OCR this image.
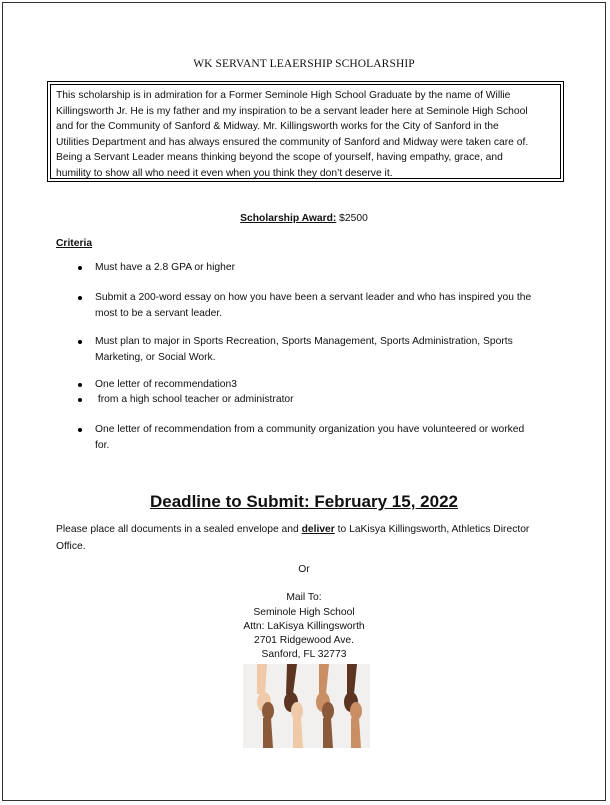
WK SERVANT LEAERSHIP SCHOLARSHIP
This scholarship is in admiration for a Former Seminole High School Graduate by the name of Willie
Killingsworth Jr. He is my father and my inspiration to be a servant leader here at Seminole High School
and for the Community of Sanford & Midway. Mr. Killingsworth works for the City of Sanford in the
Utilities Department and has always ensured the community of Sanford and Midway were taken care of.
Being a Servant Leader means thinking beyond the scope of yourself, having empathy, grace, and
humility to show all who need it even when you think they don’t deserve it.
Scholarship Award: $2500
Criteria
Must have a 2.8 GPA or higher
Submit a 200-word essay on how you have been a servant leader and who has inspired you the
most to be a servant leader.
Must plan to major in Sports Recreation, Sports Management, Sports Administration, Sports
Marketing, or Social Work.
One letter of recommendation3
from a high school teacher or administrator
One letter of recommendation from a community organization you have volunteered or worked
for.
Deadline to Submit: February 15, 2022
Please place all documents in a sealed envelope and deliver to LaKisya Killingsworth, Athletics Director
Office.
Or
Mail To:
Seminole High School
Attn: LaKisya Killingsworth
2701 Ridgewood Ave.
Sanford, FL 32773
